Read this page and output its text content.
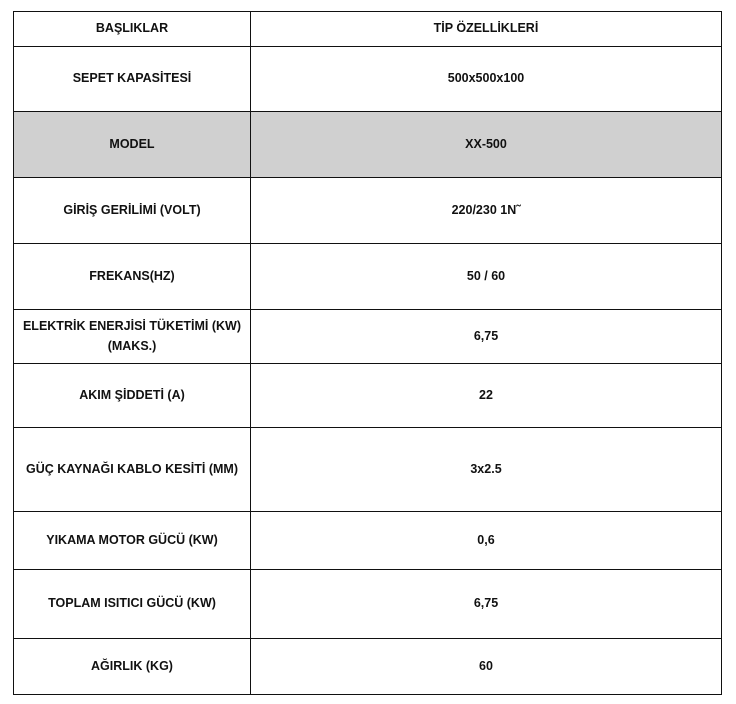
BAŞLIKLAR	TİP ÖZELLİKLERİ
SEPET KAPASİTESİ	500x500x100
MODEL	XX-500
GİRİŞ GERİLİMİ (VOLT)	220/230 1N˜
FREKANS(HZ)	50 / 60
ELEKTRİK ENERJİSİ TÜKETİMİ (KW) (MAKS.)	6,75
AKIM ŞİDDETİ (A)	22
GÜÇ KAYNAĞI KABLO KESİTİ (MM)	3x2.5
YIKAMA MOTOR GÜCÜ (KW)	0,6
TOPLAM ISITICI GÜCÜ (KW)	6,75
AĞIRLIK (KG)	60
